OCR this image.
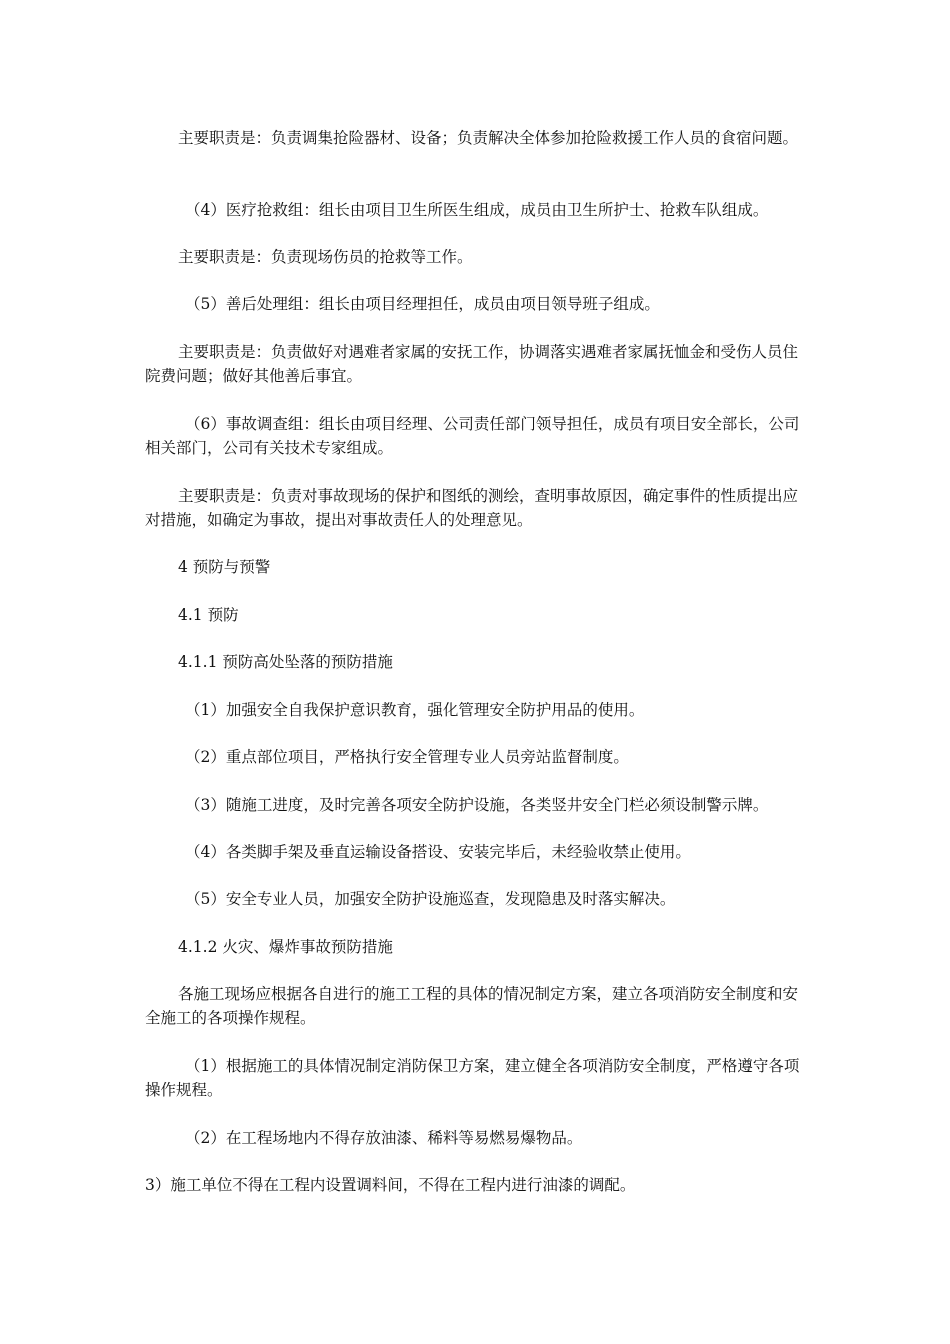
主要职责是：负责调集抢险器材、设备；负责解决全体参加抢险救援工作人员的食宿问题。

（4）医疗抢救组：组长由项目卫生所医生组成，成员由卫生所护士、抢救车队组成。

主要职责是：负责现场伤员的抢救等工作。

（5）善后处理组：组长由项目经理担任，成员由项目领导班子组成。

主要职责是：负责做好对遇难者家属的安抚工作，协调落实遇难者家属抚恤金和受伤人员住院费问题；做好其他善后事宜。

（6）事故调查组：组长由项目经理、公司责任部门领导担任，成员有项目安全部长，公司相关部门，公司有关技术专家组成。

主要职责是：负责对事故现场的保护和图纸的测绘，查明事故原因，确定事件的性质提出应对措施，如确定为事故，提出对事故责任人的处理意见。

4 预防与预警

4.1 预防

4.1.1 预防高处坠落的预防措施

（1）加强安全自我保护意识教育，强化管理安全防护用品的使用。

（2）重点部位项目，严格执行安全管理专业人员旁站监督制度。

（3）随施工进度，及时完善各项安全防护设施，各类竖井安全门栏必须设制警示牌。

（4）各类脚手架及垂直运输设备搭设、安装完毕后，未经验收禁止使用。

（5）安全专业人员，加强安全防护设施巡查，发现隐患及时落实解决。

4.1.2 火灾、爆炸事故预防措施

各施工现场应根据各自进行的施工工程的具体的情况制定方案，建立各项消防安全制度和安全施工的各项操作规程。

（1）根据施工的具体情况制定消防保卫方案，建立健全各项消防安全制度，严格遵守各项操作规程。

（2）在工程场地内不得存放油漆、稀料等易燃易爆物品。

3）施工单位不得在工程内设置调料间，不得在工程内进行油漆的调配。
